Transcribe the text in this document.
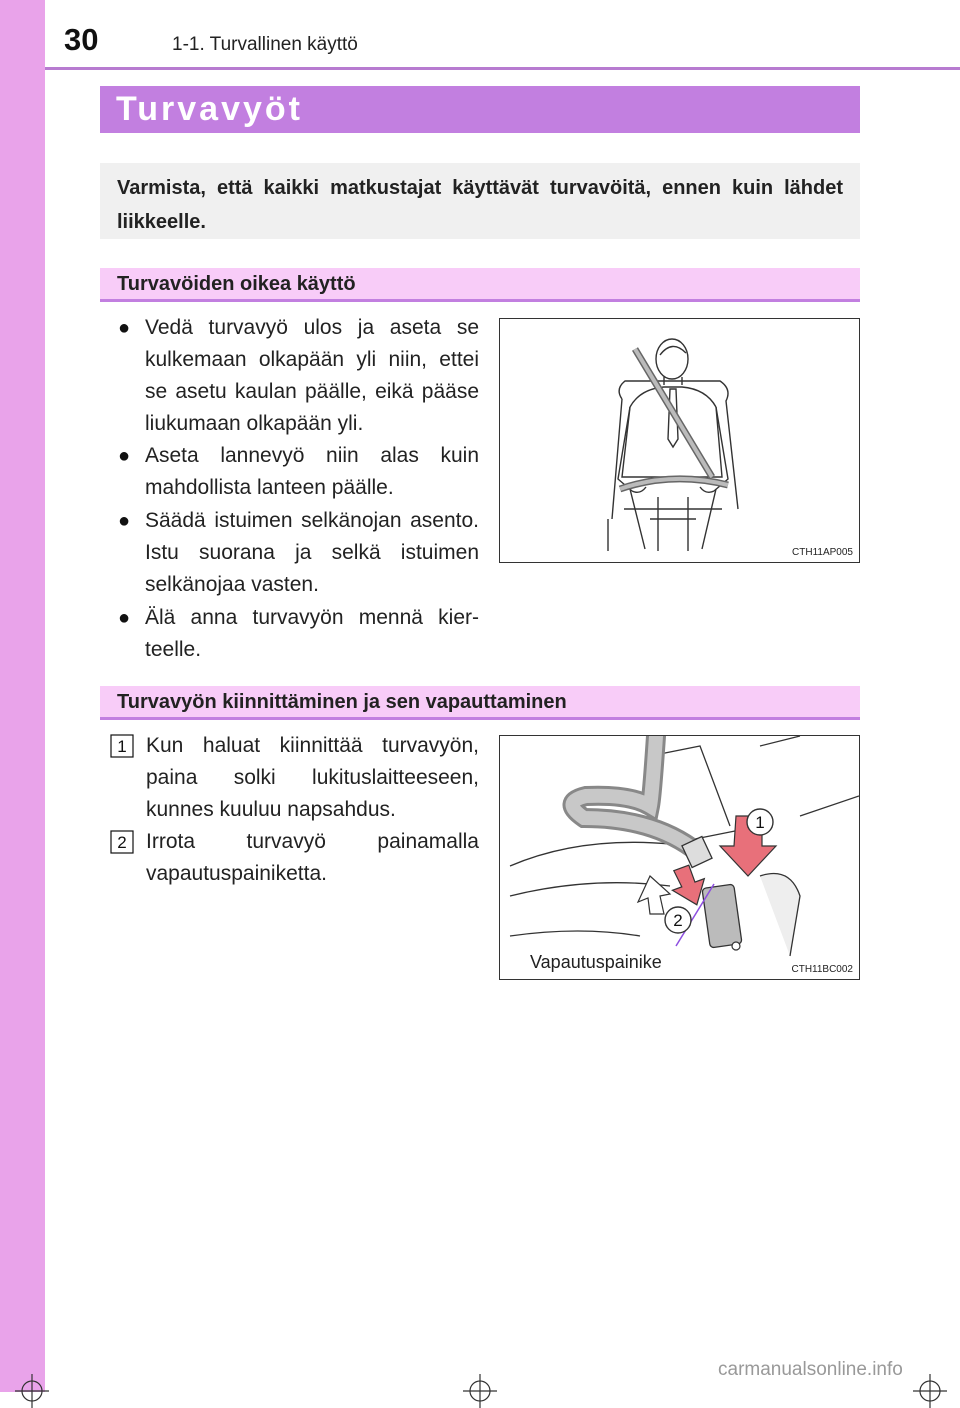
30	1-1. Turvallinen käyttö
Turvavyöt
Varmista, että kaikki matkustajat käyttävät turvavöitä, ennen kuin lähdet liikkeelle.
Turvavöiden oikea käyttö
● Vedä turvavyö ulos ja aseta se kulkemaan olkapään yli niin, ettei se asetu kaulan päälle, eikä pääse liukumaan olkapään yli.
● Aseta lannevyö niin alas kuin mahdollista lanteen päälle.
● Säädä istuimen selkänojan asento. Istu suorana ja selkä istuimen selkänojaa vasten.
● Älä anna turvavyön mennä kier-teelle.
CTH11AP005
Turvavyön kiinnittäminen ja sen vapauttaminen
1 Kun haluat kiinnittää turvavyön, paina solki lukituslaitteeseen, kunnes kuuluu napsahdus.
2 Irrota turvavyö painamalla vapautuspainiketta.
1
2
Vapautuspainike	CTH11BC002
carmanualsonline.info
